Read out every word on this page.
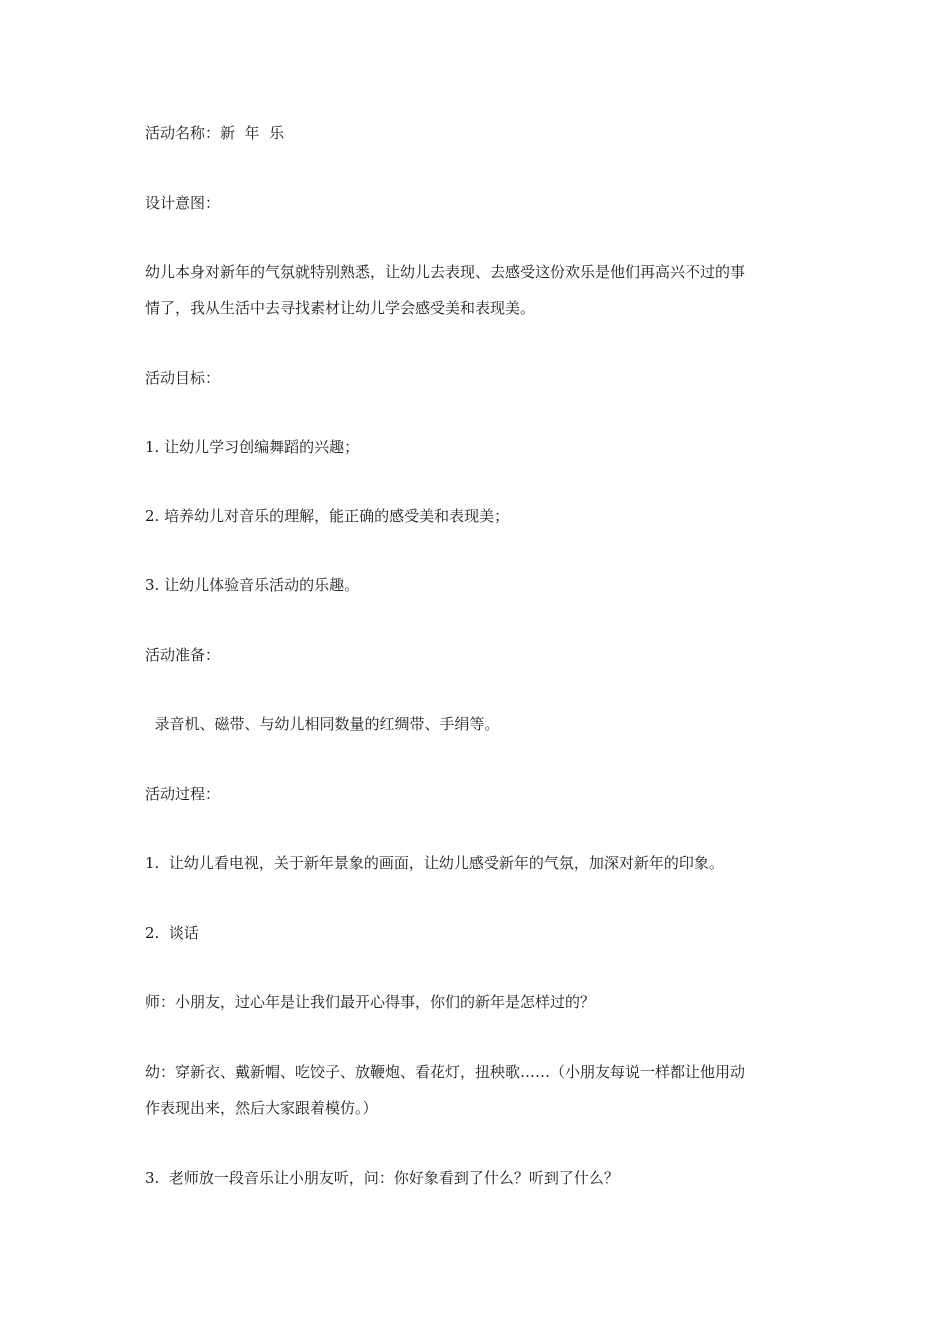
活动名称：新  年  乐
设计意图：
幼儿本身对新年的气氛就特别熟悉，让幼儿去表现、去感受这份欢乐是他们再高兴不过的事
情了，我从生活中去寻找素材让幼儿学会感受美和表现美。
活动目标：
1. 让幼儿学习创编舞蹈的兴趣；
2. 培养幼儿对音乐的理解，能正确的感受美和表现美；
3. 让幼儿体验音乐活动的乐趣。
活动准备：
录音机、磁带、与幼儿相同数量的红绸带、手绢等。
活动过程：
1.  让幼儿看电视，关于新年景象的画面，让幼儿感受新年的气氛，加深对新年的印象。
2.  谈话
师：小朋友，过心年是让我们最开心得事，你们的新年是怎样过的？
幼：穿新衣、戴新帽、吃饺子、放鞭炮、看花灯，扭秧歌……（小朋友每说一样都让他用动
作表现出来，然后大家跟着模仿。）
3.  老师放一段音乐让小朋友听，问：你好象看到了什么？听到了什么？
